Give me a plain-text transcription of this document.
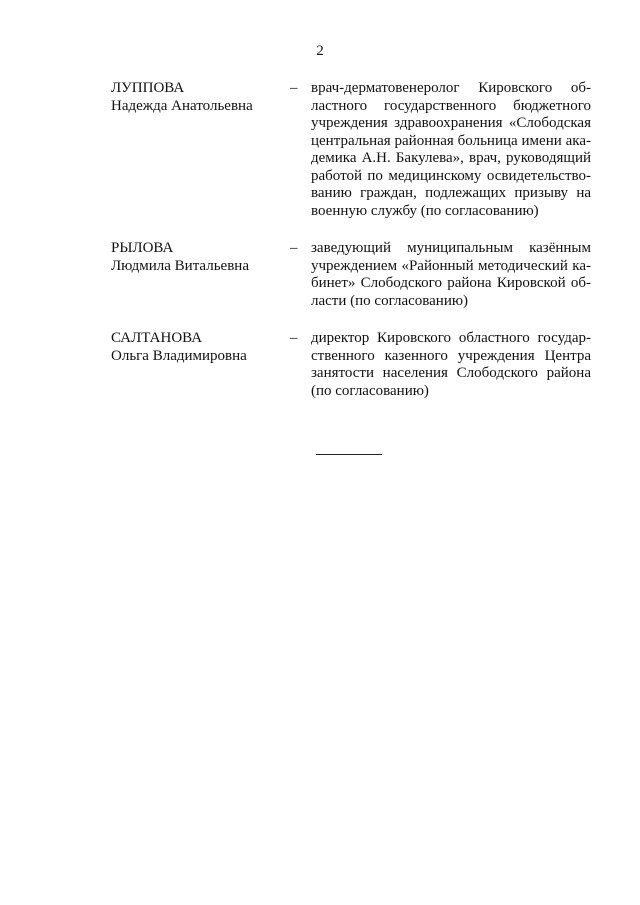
2
ЛУППОВА
Надежда Анатольевна
– врач-дерматовенеролог Кировского об-
ластного государственного бюджетного
учреждения здравоохранения «Слободская
центральная районная больница имени ака-
демика А.Н. Бакулева», врач, руководящий
работой по медицинскому освидетельство-
ванию граждан, подлежащих призыву на
военную службу (по согласованию)
РЫЛОВА
Людмила Витальевна
– заведующий муниципальным казённым
учреждением «Районный методический ка-
бинет» Слободского района Кировской об-
ласти (по согласованию)
САЛТАНОВА
Ольга Владимировна
– директор Кировского областного государ-
ственного казенного учреждения Центра
занятости населения Слободского района
(по согласованию)
